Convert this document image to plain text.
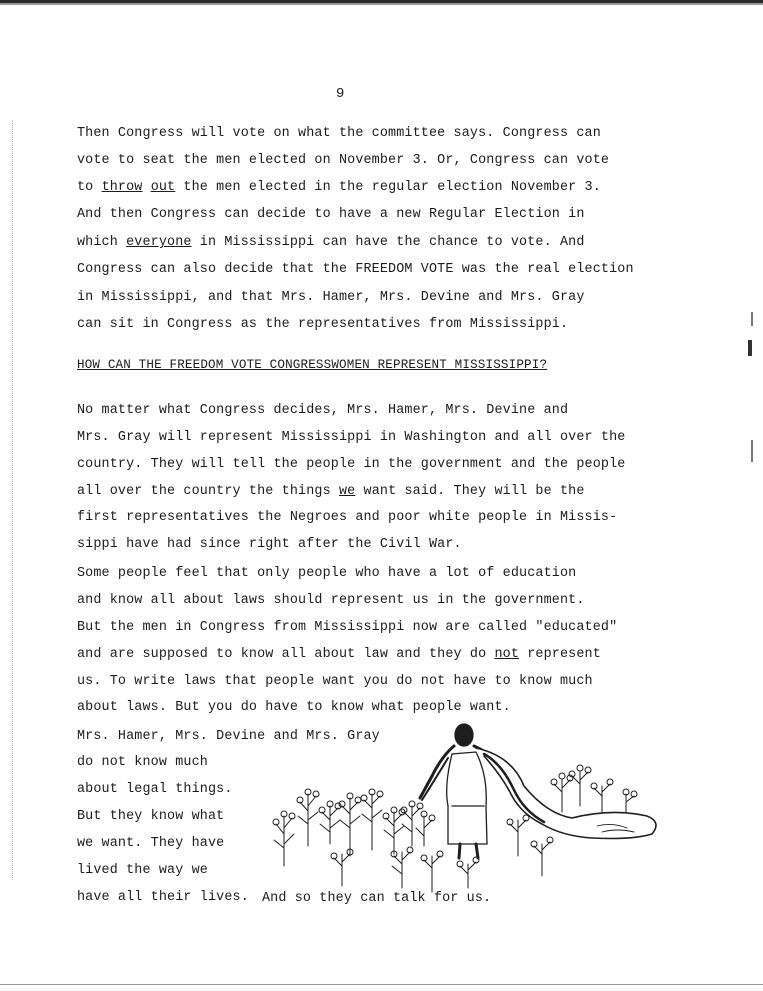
9
Then Congress will vote on what the committee says. Congress can
vote to seat the men elected on November 3. Or, Congress can vote
to throw out the men elected in the regular election November 3.
And then Congress can decide to have a new Regular Election in
which everyone in Mississippi can have the chance to vote. And
Congress can also decide that the FREEDOM VOTE was the real election
in Mississippi, and that Mrs. Hamer, Mrs. Devine and Mrs. Gray
can sit in Congress as the representatives from Mississippi.
HOW CAN THE FREEDOM VOTE CONGRESSWOMEN REPRESENT MISSISSIPPI?
No matter what Congress decides, Mrs. Hamer, Mrs. Devine and
Mrs. Gray will represent Mississippi in Washington and all over the
country. They will tell the people in the government and the people
all over the country the things we want said. They will be the
first representatives the Negroes and poor white people in Missis-
sippi have had since right after the Civil War.
Some people feel that only people who have a lot of education
and know all about laws should represent us in the government.
But the men in Congress from Mississippi now are called "educated"
and are supposed to know all about law and they do not represent
us. To write laws that people want you do not have to know much
about laws. But you do have to know what people want.
Mrs. Hamer, Mrs. Devine and Mrs. Gray
do not know much
about legal things.
But they know what
we want. They have
lived the way we
have all their lives. And so they can talk for us.
